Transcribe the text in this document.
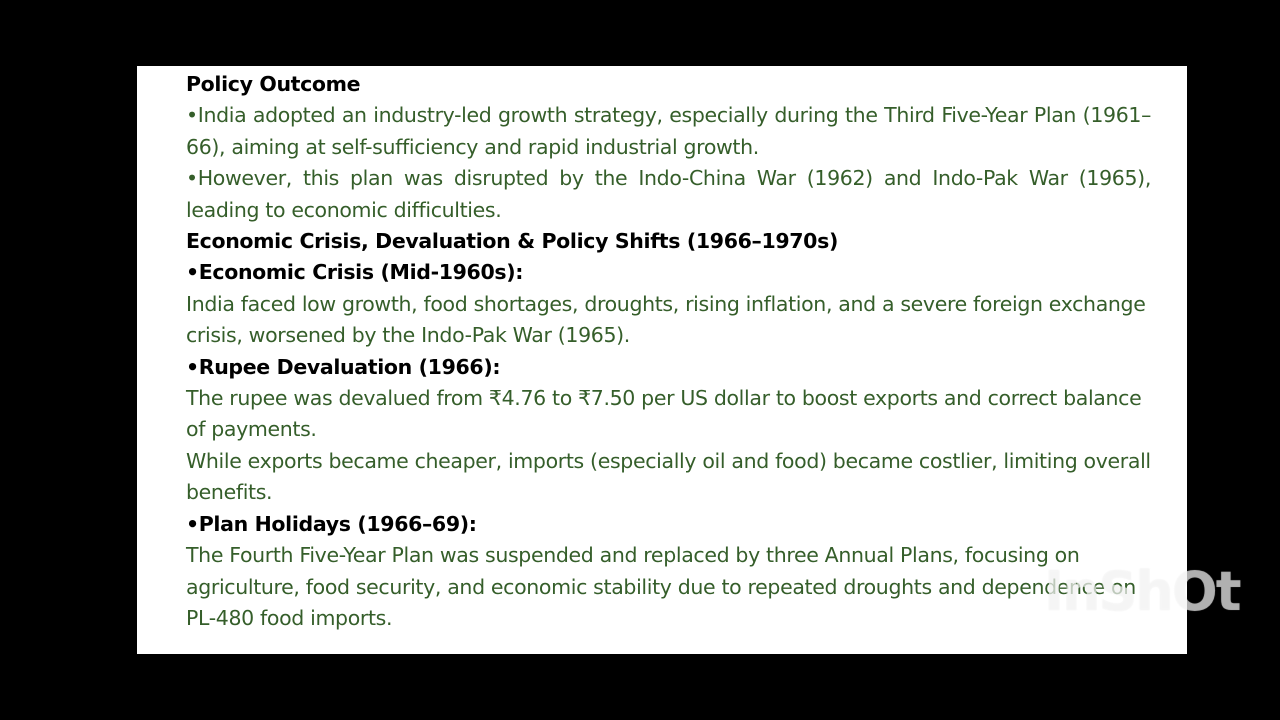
Policy Outcome

•India adopted an industry-led growth strategy, especially during the Third Five-Year Plan (1961–66), aiming at self-sufficiency and rapid industrial growth.

•However, this plan was disrupted by the Indo-China War (1962) and Indo-Pak War (1965), leading to economic difficulties.

Economic Crisis, Devaluation & Policy Shifts (1966–1970s)

•Economic Crisis (Mid-1960s):

India faced low growth, food shortages, droughts, rising inflation, and a severe foreign exchange crisis, worsened by the Indo-Pak War (1965).

•Rupee Devaluation (1966):

The rupee was devalued from ₹4.76 to ₹7.50 per US dollar to boost exports and correct balance of payments.

While exports became cheaper, imports (especially oil and food) became costlier, limiting overall benefits.

•Plan Holidays (1966–69):

The Fourth Five-Year Plan was suspended and replaced by three Annual Plans, focusing on agriculture, food security, and economic stability due to repeated droughts and dependence on PL-480 food imports.	InShOt
